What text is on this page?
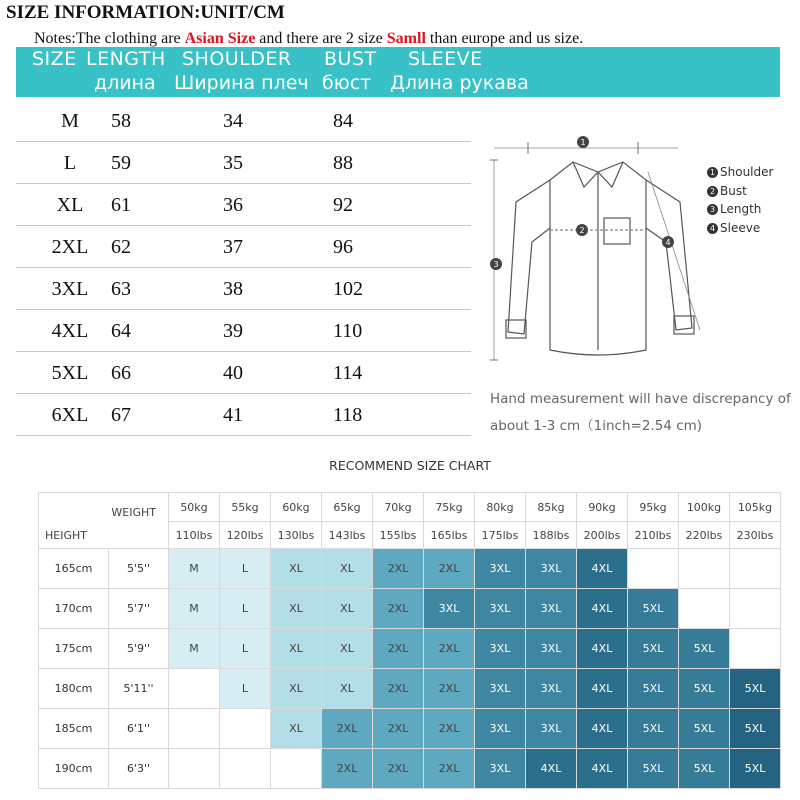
SIZE INFORMATION:UNIT/CM
Notes:The clothing are Asian Size and there are 2 size Samll than europe and us size.
SIZE LENGTH SHOULDER BUST SLEEVE
длина Ширина плеч бюст Длина рукава
M	58	34	84
L	59	35	88
XL	61	36	92
2XL	62	37	96
3XL	63	38	102
4XL	64	39	110
5XL	66	40	114
6XL	67	41	118
1
2
3
4
1 Shoulder
2 Bust
3 Length
4 Sleeve
Hand measurement will have discrepancy of
about 1-3 cm（1inch=2.54 cm)
RECOMMEND SIZE CHART
WEIGHT
HEIGHT		50kg	55kg	60kg	65kg	70kg	75kg	80kg	85kg	90kg	95kg	100kg	105kg
		110lbs	120lbs	130lbs	143lbs	155lbs	165lbs	175lbs	188lbs	200lbs	210lbs	220lbs	230lbs
165cm	5'5''	M	L	XL	XL	2XL	2XL	3XL	3XL	4XL			
170cm	5'7''	M	L	XL	XL	2XL	3XL	3XL	3XL	4XL	5XL		
175cm	5'9''	M	L	XL	XL	2XL	2XL	3XL	3XL	4XL	5XL	5XL	
180cm	5'11''		L	XL	XL	2XL	2XL	3XL	3XL	4XL	5XL	5XL	5XL
185cm	6'1''			XL	2XL	2XL	2XL	3XL	3XL	4XL	5XL	5XL	5XL
190cm	6'3''				2XL	2XL	2XL	3XL	4XL	4XL	5XL	5XL	5XL
